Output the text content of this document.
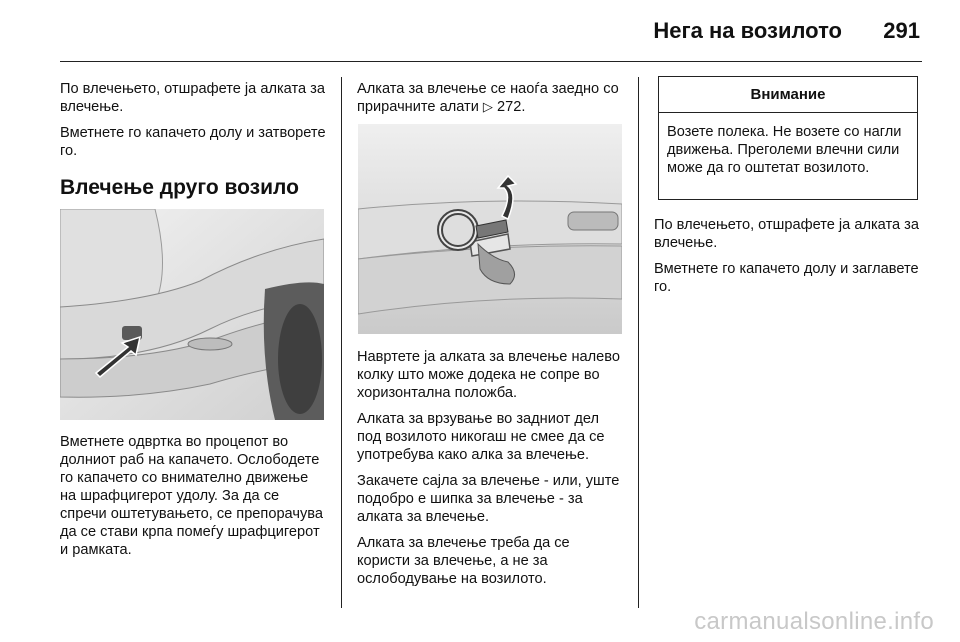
Нега на возилото 291

По влечењето, отшрафете ја алката за влечење.

Вметнете го капачето долу и затворете го.

Влечење друго возило

Вметнете одвртка во процепот во долниот раб на капачето. Ослободете го капачето со внимателно движење на шрафцигерот удолу. За да се спречи оштетувањето, се препорачува да се стави крпа помеѓу шрафцигерот и рамката.

Алката за влечење се наоѓа заедно со прирачните алати ▷ 272.

Навртете ја алката за влечење налево колку што може додека не сопре во хоризонтална положба.

Алката за врзување во задниот дел под возилото никогаш не смее да се употребува како алка за влечење.

Закачете сајла за влечење - или, уште подобро е шипка за влечење - за алката за влечење.

Алката за влечење треба да се користи за влечење, а не за ослободување на возилото.

Внимание
Возете полека. Не возете со нагли движења. Преголеми влечни сили може да го оштетат возилото.

По влечењето, отшрафете ја алката за влечење.

Вметнете го капачето долу и заглавете го.

carmanualsonline.info
